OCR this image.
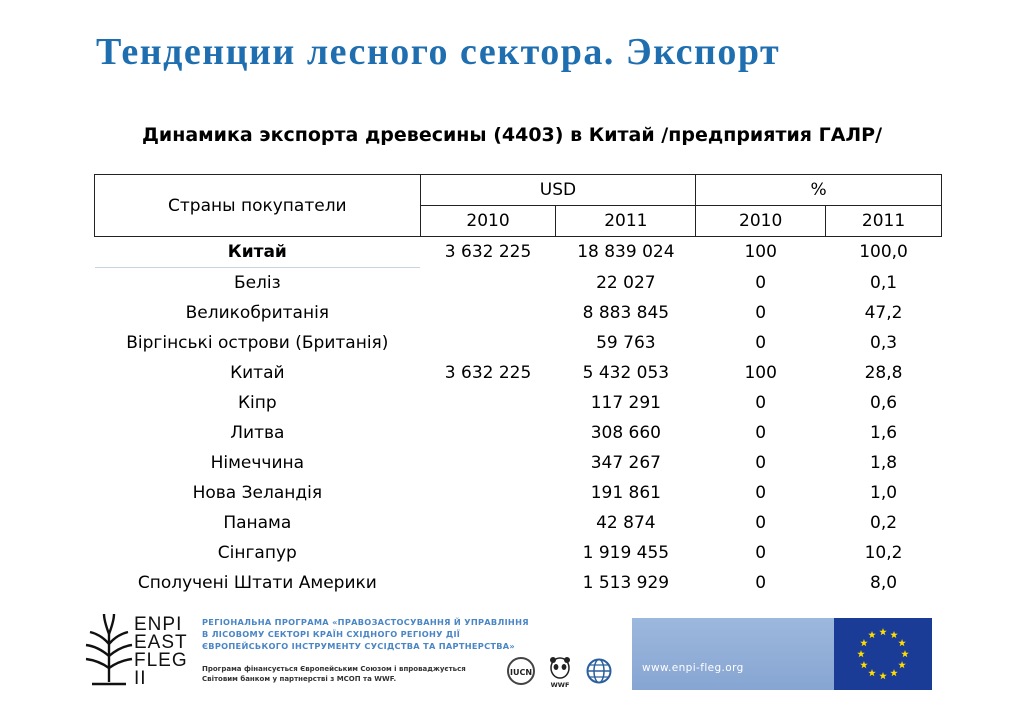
Тенденции лесного сектора. Экспорт
Динамика экспорта древесины (4403) в Китай /предприятия ГАЛР/
Страны покупатели	USD		%	
	2010	2011	2010	2011
Китай	3 632 225	18 839 024	100	100,0
Беліз		22 027	0	0,1
Великобританія		8 883 845	0	47,2
Віргінські острови (Британія)		59 763	0	0,3
Китай	3 632 225	5 432 053	100	28,8
Кіпр		117 291	0	0,6
Литва		308 660	0	1,6
Німеччина		347 267	0	1,8
Нова Зеландія		191 861	0	1,0
Панама		42 874	0	0,2
Сінгапур		1 919 455	0	10,2
Сполучені Штати Америки		1 513 929	0	8,0
ENPI
EAST
FLEG
II
РЕГІОНАЛЬНА ПРОГРАМА «ПРАВОЗАСТОСУВАННЯ Й УПРАВЛІННЯ
В ЛІСОВОМУ СЕКТОРІ КРАЇН СХІДНОГО РЕГІОНУ ДІЇ
ЄВРОПЕЙСЬКОГО ІНСТРУМЕНТУ СУСІДСТВА ТА ПАРТНЕРСТВА»
Програма фінансується Європейським Союзом і впроваджується
Світовим банком у партнерстві з МСОП та WWF.
IUCN
WWF
www.enpi-fleg.org
